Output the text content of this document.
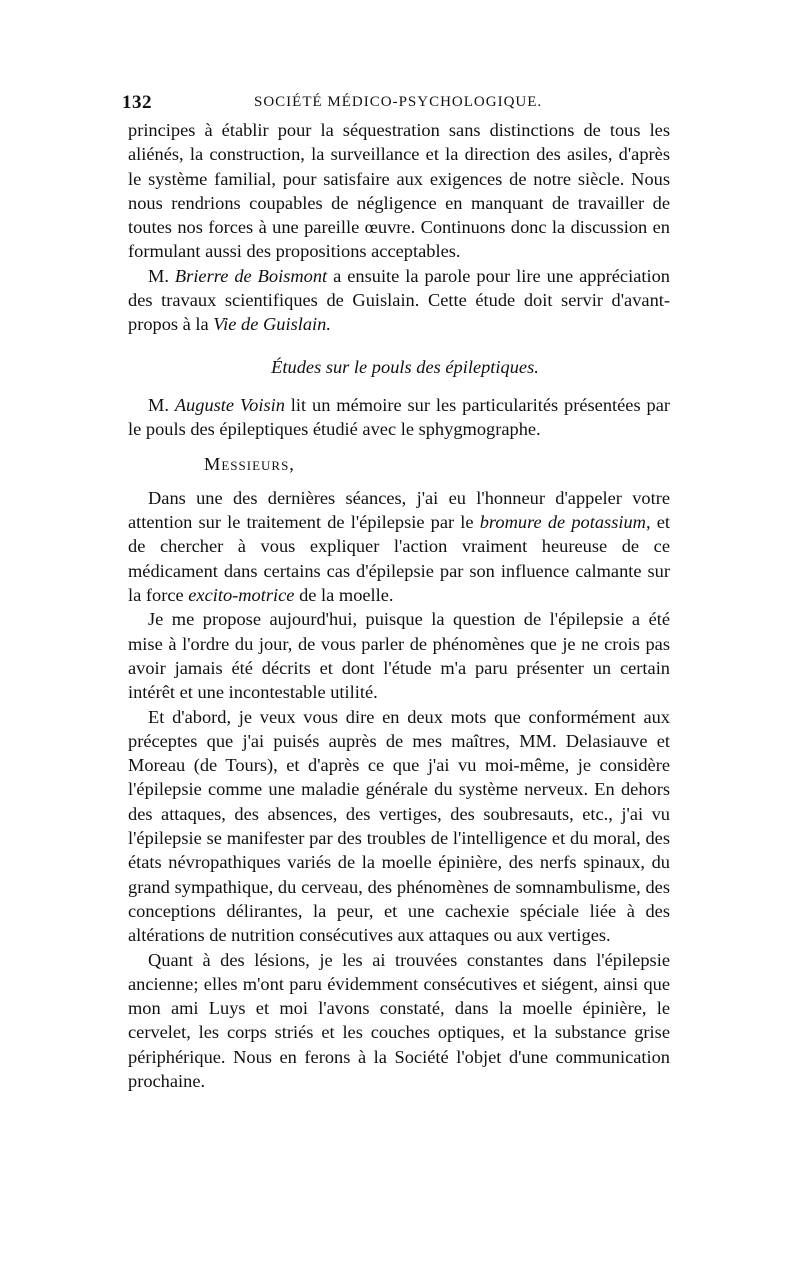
132	SOCIÉTÉ MÉDICO-PSYCHOLOGIQUE.

principes à établir pour la séquestration sans distinctions de tous les aliénés, la construction, la surveillance et la direction des asiles, d'après le système familial, pour satisfaire aux exigences de notre siècle. Nous nous rendrions coupables de négligence en manquant de travailler de toutes nos forces à une pareille œuvre. Continuons donc la discussion en formulant aussi des propositions acceptables.

M. Brierre de Boismont a ensuite la parole pour lire une appréciation des travaux scientifiques de Guislain. Cette étude doit servir d'avant-propos à la Vie de Guislain.

Études sur le pouls des épileptiques.

M. Auguste Voisin lit un mémoire sur les particularités présentées par le pouls des épileptiques étudié avec le sphygmographe.

Messieurs,

Dans une des dernières séances, j'ai eu l'honneur d'appeler votre attention sur le traitement de l'épilepsie par le bromure de potassium, et de chercher à vous expliquer l'action vraiment heureuse de ce médicament dans certains cas d'épilepsie par son influence calmante sur la force excito-motrice de la moelle.

Je me propose aujourd'hui, puisque la question de l'épilepsie a été mise à l'ordre du jour, de vous parler de phénomènes que je ne crois pas avoir jamais été décrits et dont l'étude m'a paru présenter un certain intérêt et une incontestable utilité.

Et d'abord, je veux vous dire en deux mots que conformément aux préceptes que j'ai puisés auprès de mes maîtres, MM. Delasiauve et Moreau (de Tours), et d'après ce que j'ai vu moi-même, je considère l'épilepsie comme une maladie générale du système nerveux. En dehors des attaques, des absences, des vertiges, des soubresauts, etc., j'ai vu l'épilepsie se manifester par des troubles de l'intelligence et du moral, des états névropathiques variés de la moelle épinière, des nerfs spinaux, du grand sympathique, du cerveau, des phénomènes de somnambulisme, des conceptions délirantes, la peur, et une cachexie spéciale liée à des altérations de nutrition consécutives aux attaques ou aux vertiges.

Quant à des lésions, je les ai trouvées constantes dans l'épilepsie ancienne; elles m'ont paru évidemment consécutives et siégent, ainsi que mon ami Luys et moi l'avons constaté, dans la moelle épinière, le cervelet, les corps striés et les couches optiques, et la substance grise périphérique. Nous en ferons à la Société l'objet d'une communication prochaine.
